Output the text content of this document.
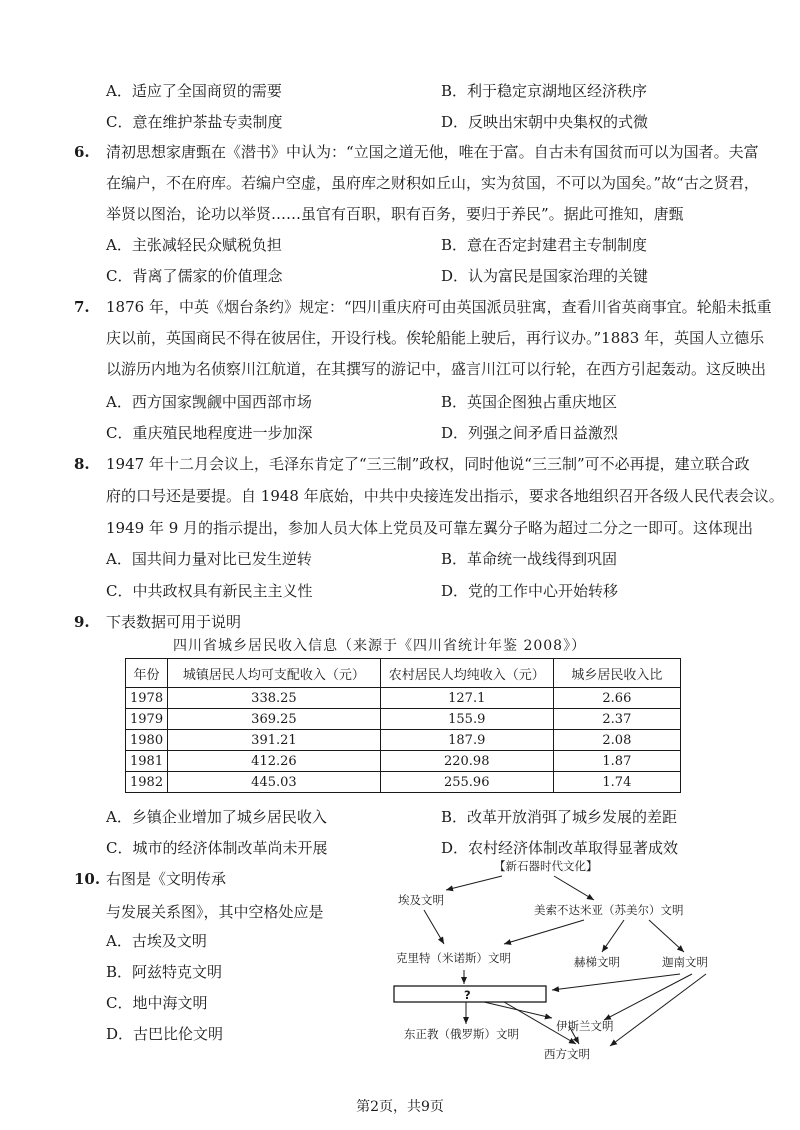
A．适应了全国商贸的需要	B．利于稳定京湖地区经济秩序
C．意在维护茶盐专卖制度	D．反映出宋朝中央集权的式微
6. 清初思想家唐甄在《潜书》中认为：“立国之道无他，唯在于富。自古未有国贫而可以为国者。夫富
在编户，不在府库。若编户空虚，虽府库之财积如丘山，实为贫国，不可以为国矣。”故“古之贤君，
举贤以图治，论功以举贤……虽官有百职，职有百务，要归于养民”。据此可推知，唐甄
A．主张减轻民众赋税负担	B．意在否定封建君主专制制度
C．背离了儒家的价值理念	D．认为富民是国家治理的关键
7. 1876 年，中英《烟台条约》规定：“四川重庆府可由英国派员驻寓，查看川省英商事宜。轮船未抵重
庆以前，英国商民不得在彼居住，开设行栈。俟轮船能上驶后，再行议办。”1883 年，英国人立德乐
以游历内地为名侦察川江航道，在其撰写的游记中，盛言川江可以行轮，在西方引起轰动。这反映出
A．西方国家觊觎中国西部市场	B．英国企图独占重庆地区
C．重庆殖民地程度进一步加深	D．列强之间矛盾日益激烈
8. 1947 年十二月会议上，毛泽东肯定了“三三制”政权，同时他说“三三制”可不必再提，建立联合政
府的口号还是要提。自 1948 年底始，中共中央接连发出指示，要求各地组织召开各级人民代表会议。
1949 年 9 月的指示提出，参加人员大体上党员及可靠左翼分子略为超过二分之一即可。这体现出
A．国共间力量对比已发生逆转	B．革命统一战线得到巩固
C．中共政权具有新民主主义性	D．党的工作中心开始转移
9. 下表数据可用于说明
四川省城乡居民收入信息（来源于《四川省统计年鉴 2008》）
年份	城镇居民人均可支配收入（元）	农村居民人均纯收入（元）	城乡居民收入比
1978	338.25	127.1	2.66
1979	369.25	155.9	2.37
1980	391.21	187.9	2.08
1981	412.26	220.98	1.87
1982	445.03	255.96	1.74
A．乡镇企业增加了城乡居民收入	B．改革开放消弭了城乡发展的差距
C．城市的经济体制改革尚未开展	D．农村经济体制改革取得显著成效
10. 右图是《文明传承
与发展关系图》，其中空格处应是
A．古埃及文明
B．阿兹特克文明
C．地中海文明
D．古巴比伦文明
【新石器时代文化】
埃及文明
美索不达米亚（苏美尔）文明
克里特（米诺斯）文明	赫梯文明	迦南文明
?
伊斯兰文明
东正教（俄罗斯）文明
西方文明
第2页，共9页
